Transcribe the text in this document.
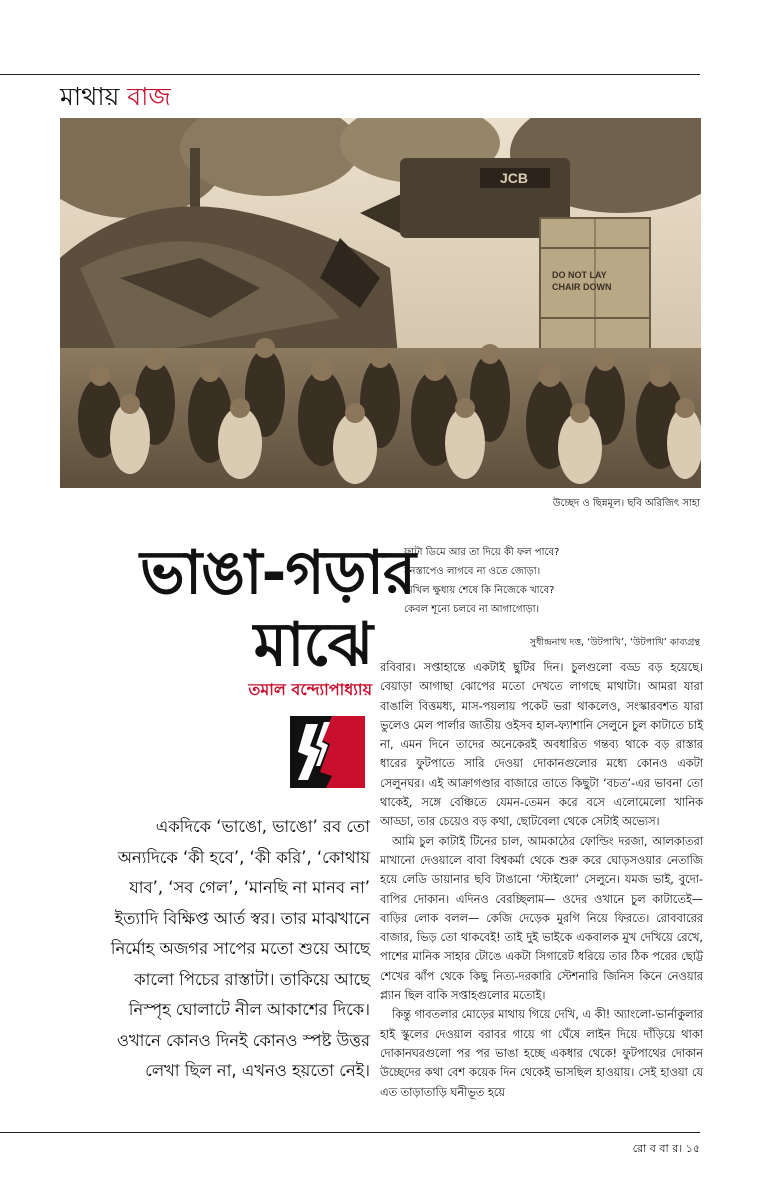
মাথায় বাজ
JCB
DO NOT LAY
CHAIR DOWN
উচ্ছেদ ও ছিন্নমূল। ছবি অরিজিৎ সাহা
ভাঙা-গড়ার
মাঝে
তমাল বন্দ্যোপাধ্যায়
একদিকে ‘ভাঙো, ভাঙো’ রব তো অন্যদিকে ‘কী হবে’, ‘কী করি’, ‘কোথায় যাব’, ‘সব গেল’, ‘মানছি না মানব না’ ইত্যাদি বিক্ষিপ্ত আর্ত স্বর। তার মাঝখানে নির্মোহ অজগর সাপের মতো শুয়ে আছে কালো পিচের রাস্তাটা। তাকিয়ে আছে নিস্পৃহ ঘোলাটে নীল আকাশের দিকে। ওখানে কোনও দিনই কোনও স্পষ্ট উত্তর লেখা ছিল না, এখনও হয়তো নেই।
ফাটা ডিমে আর তা দিয়ে কী ফল পাবে?
মনস্তাপেও লাগবে না ওতে জোড়া।
অখিল ক্ষুধায় শেষে কি নিজেকে খাবে?
কেবল শূন্যে চলবে না আগাগোড়া।
সুধীন্দ্রনাথ দত্ত, ‘উটপাখি’, ‘উটপাখি’ কাব্যগ্রন্থ

রবিবার। সপ্তাহান্তে একটাই ছুটির দিন। চুলগুলো বড্ড বড় হয়েছে। বেয়াড়া আগাছা ঝোপের মতো দেখতে লাগছে মাথাটা। আমরা যারা বাঙালি বিত্তমধ্য, মাস-পয়লায় পকেট ভরা থাকলেও, সংস্কারবশত যারা ভুলেও মেল পার্লার জাতীয় ওইসব হাল-ফ্যাশানি সেলুনে চুল কাটাতে চাই না, এমন দিনে তাদের অনেকেরই অবধারিত গন্তব্য থাকে বড় রাস্তার ধারের ফুটপাতে সারি দেওয়া দোকানগুলোর মধ্যে কোনও একটা সেলুনঘর। এই আক্রাগণ্ডার বাজারে তাতে কিছুটা ‘বচত’-এর ভাবনা তো থাকেই, সঙ্গে বেঞ্চিতে যেমন-তেমন করে বসে এলোমেলো খানিক আড্ডা, তার চেয়েও বড় কথা, ছোটবেলা থেকে সেটাই অভ্যেস।

আমি চুল কাটাই টিনের চাল, আমকাঠের ফোল্ডিং দরজা, আলকাতরা মাখানো দেওয়ালে বাবা বিশ্বকর্মা থেকে শুরু করে ঘোড়সওয়ার নেতাজি হয়ে লেডি ডায়ানার ছবি টাঙানো ‘স্টাইলো’ সেলুনে। যমজ ভাই, বুদো-বাপির দোকান। এদিনও বেরচ্ছিলাম— ওদের ওখানে চুল কাটাতেই— বাড়ির লোক বলল— কেজি দেড়েক মুরগি নিয়ে ফিরতে। রোববারের বাজার, ভিড় তো থাকবেই! তাই দুই ভাইকে একবালক মুখ দেখিয়ে রেখে, পাশের মানিক সাহার টোঙে একটা সিগারেট ধরিয়ে তার ঠিক পরের ছোট্ট শেখের ঝাঁপ থেকে কিছু নিত্য-দরকারি স্টেশনারি জিনিস কিনে নেওয়ার প্ল্যান ছিল বাকি সপ্তাহগুলোর মতোই।

কিন্তু গাবতলার মোড়ের মাথায় গিয়ে দেখি, এ কী! অ্যাংলো-ভার্নাকুলার হাই স্কুলের দেওয়াল বরাবর গায়ে গা ঘেঁষে লাইন দিয়ে দাঁড়িয়ে থাকা দোকানঘরগুলো পর পর ভাঙা হচ্ছে একধার থেকে! ফুটপাথের দোকান উচ্ছেদের কথা বেশ কয়েক দিন থেকেই ভাসছিল হাওয়ায়। সেই হাওয়া যে এত তাড়াতাড়ি ঘনীভূত হয়ে

রো ব বা র। ১৫
